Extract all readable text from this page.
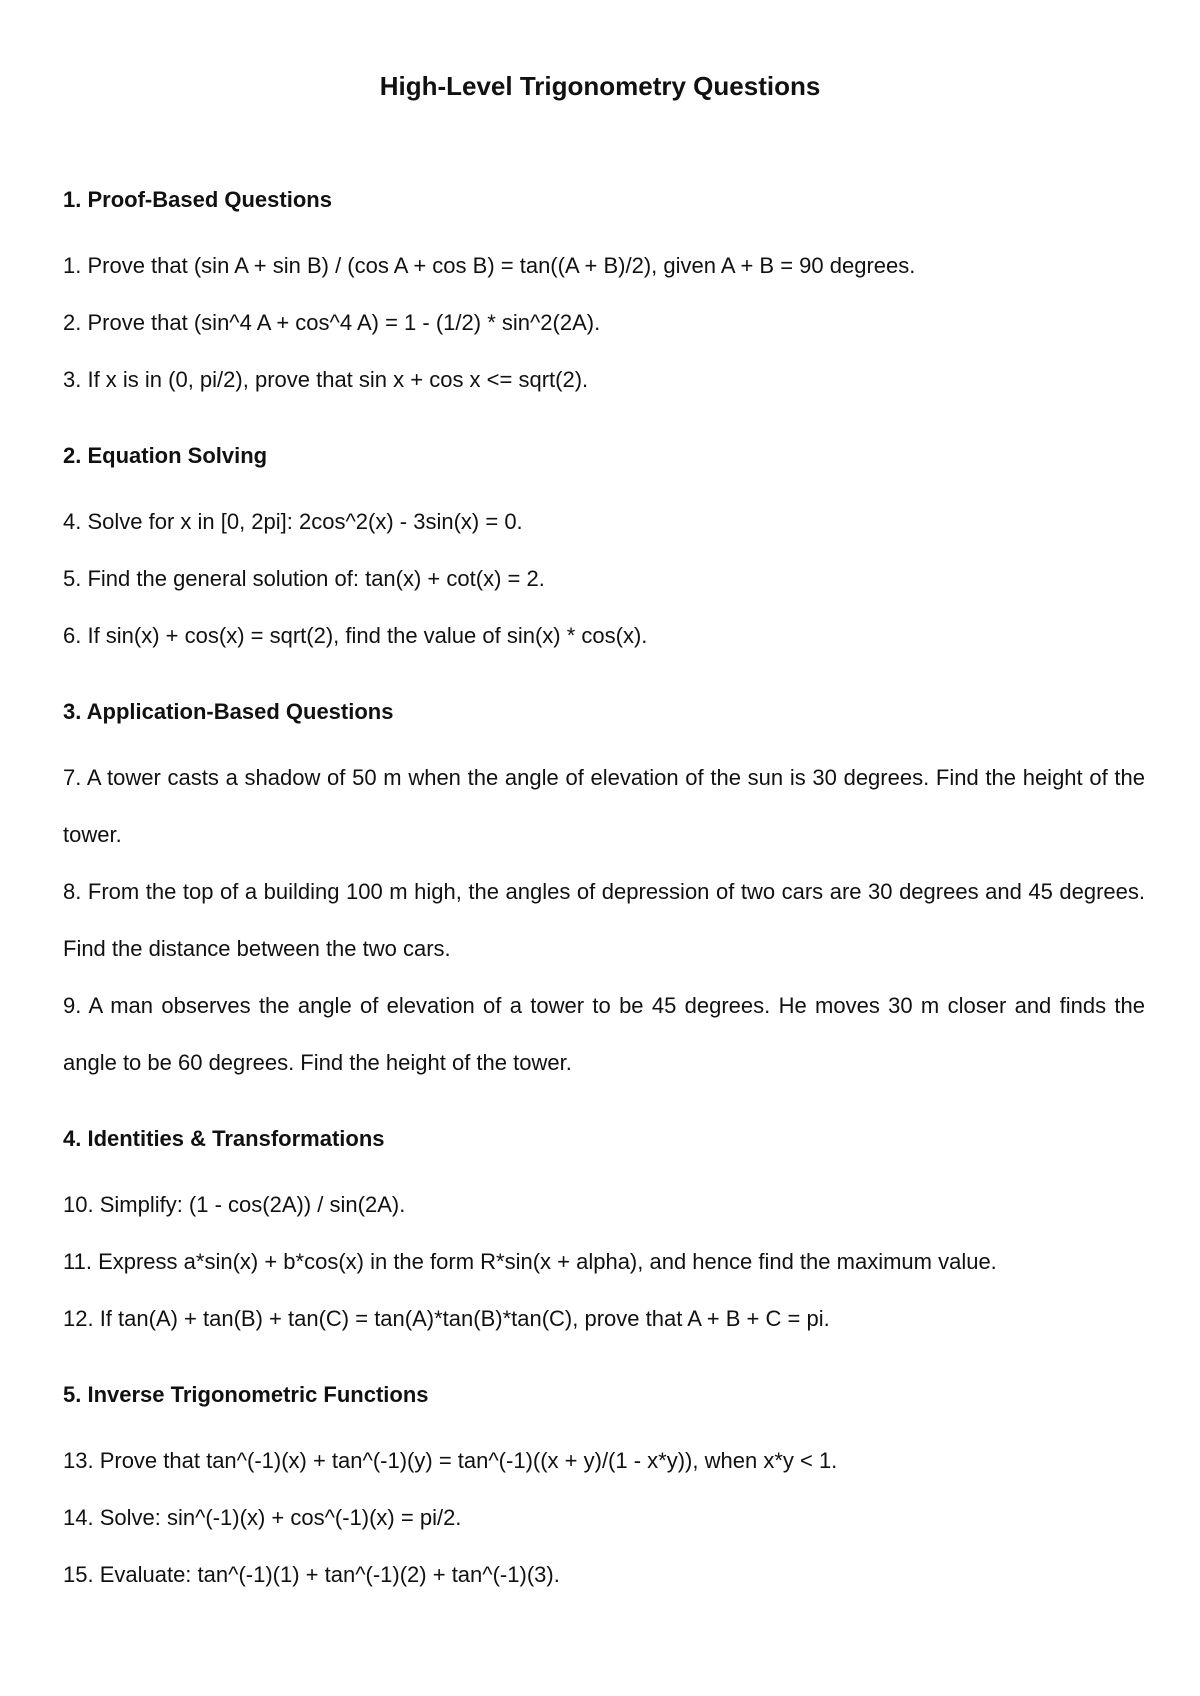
High-Level Trigonometry Questions
1. Proof-Based Questions

1. Prove that (sin A + sin B) / (cos A + cos B) = tan((A + B)/2), given A + B = 90 degrees.

2. Prove that (sin^4 A + cos^4 A) = 1 - (1/2) * sin^2(2A).

3. If x is in (0, pi/2), prove that sin x + cos x <= sqrt(2).

2. Equation Solving

4. Solve for x in [0, 2pi]: 2cos^2(x) - 3sin(x) = 0.

5. Find the general solution of: tan(x) + cot(x) = 2.

6. If sin(x) + cos(x) = sqrt(2), find the value of sin(x) * cos(x).

3. Application-Based Questions

7. A tower casts a shadow of 50 m when the angle of elevation of the sun is 30 degrees. Find the height of the tower.

8. From the top of a building 100 m high, the angles of depression of two cars are 30 degrees and 45 degrees. Find the distance between the two cars.

9. A man observes the angle of elevation of a tower to be 45 degrees. He moves 30 m closer and finds the angle to be 60 degrees. Find the height of the tower.

4. Identities & Transformations

10. Simplify: (1 - cos(2A)) / sin(2A).

11. Express a*sin(x) + b*cos(x) in the form R*sin(x + alpha), and hence find the maximum value.

12. If tan(A) + tan(B) + tan(C) = tan(A)*tan(B)*tan(C), prove that A + B + C = pi.

5. Inverse Trigonometric Functions

13. Prove that tan^(-1)(x) + tan^(-1)(y) = tan^(-1)((x + y)/(1 - x*y)), when x*y < 1.

14. Solve: sin^(-1)(x) + cos^(-1)(x) = pi/2.

15. Evaluate: tan^(-1)(1) + tan^(-1)(2) + tan^(-1)(3).
